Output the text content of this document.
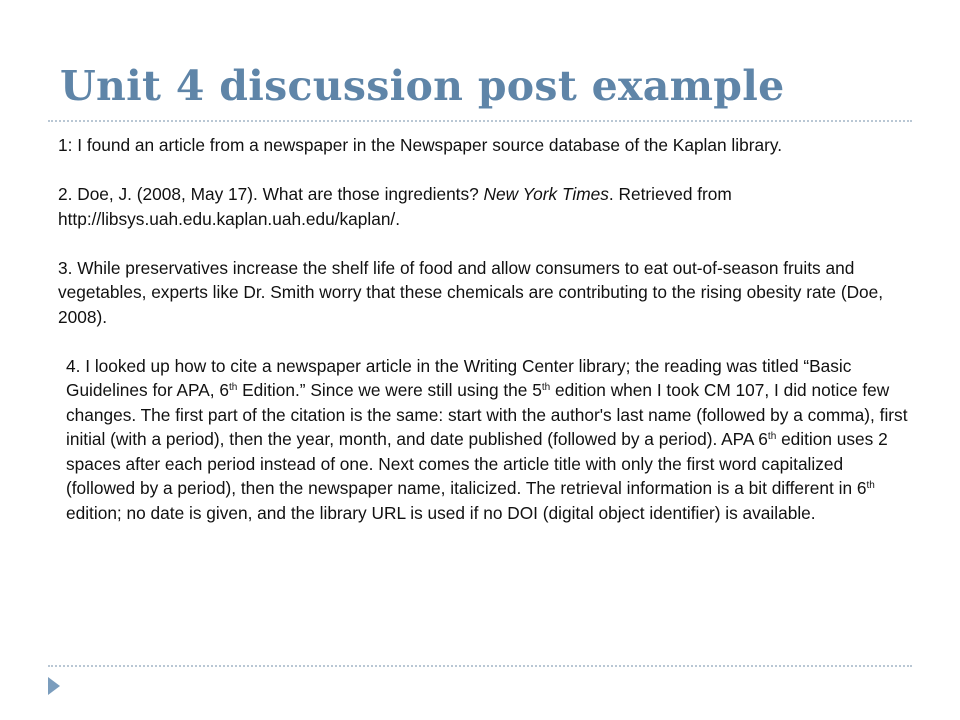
Unit 4 discussion post example

1: I found an article from a newspaper in the Newspaper source database of the Kaplan library.

2. Doe, J. (2008, May 17). What are those ingredients? New York Times. Retrieved from
http://libsys.uah.edu.kaplan.uah.edu/kaplan/.

3. While preservatives increase the shelf life of food and allow consumers to eat out-of-season fruits and vegetables, experts like Dr. Smith worry that these chemicals are contributing to the rising obesity rate (Doe, 2008).

4. I looked up how to cite a newspaper article in the Writing Center library; the reading was titled “Basic Guidelines for APA, 6th Edition.” Since we were still using the 5th edition when I took CM 107, I did notice few changes. The first part of the citation is the same: start with the author's last name (followed by a comma), first initial (with a period), then the year, month, and date published (followed by a period). APA 6th edition uses 2 spaces after each period instead of one. Next comes the article title with only the first word capitalized (followed by a period), then the newspaper name, italicized. The retrieval information is a bit different in 6th edition; no date is given, and the library URL is used if no DOI (digital object identifier) is available.
